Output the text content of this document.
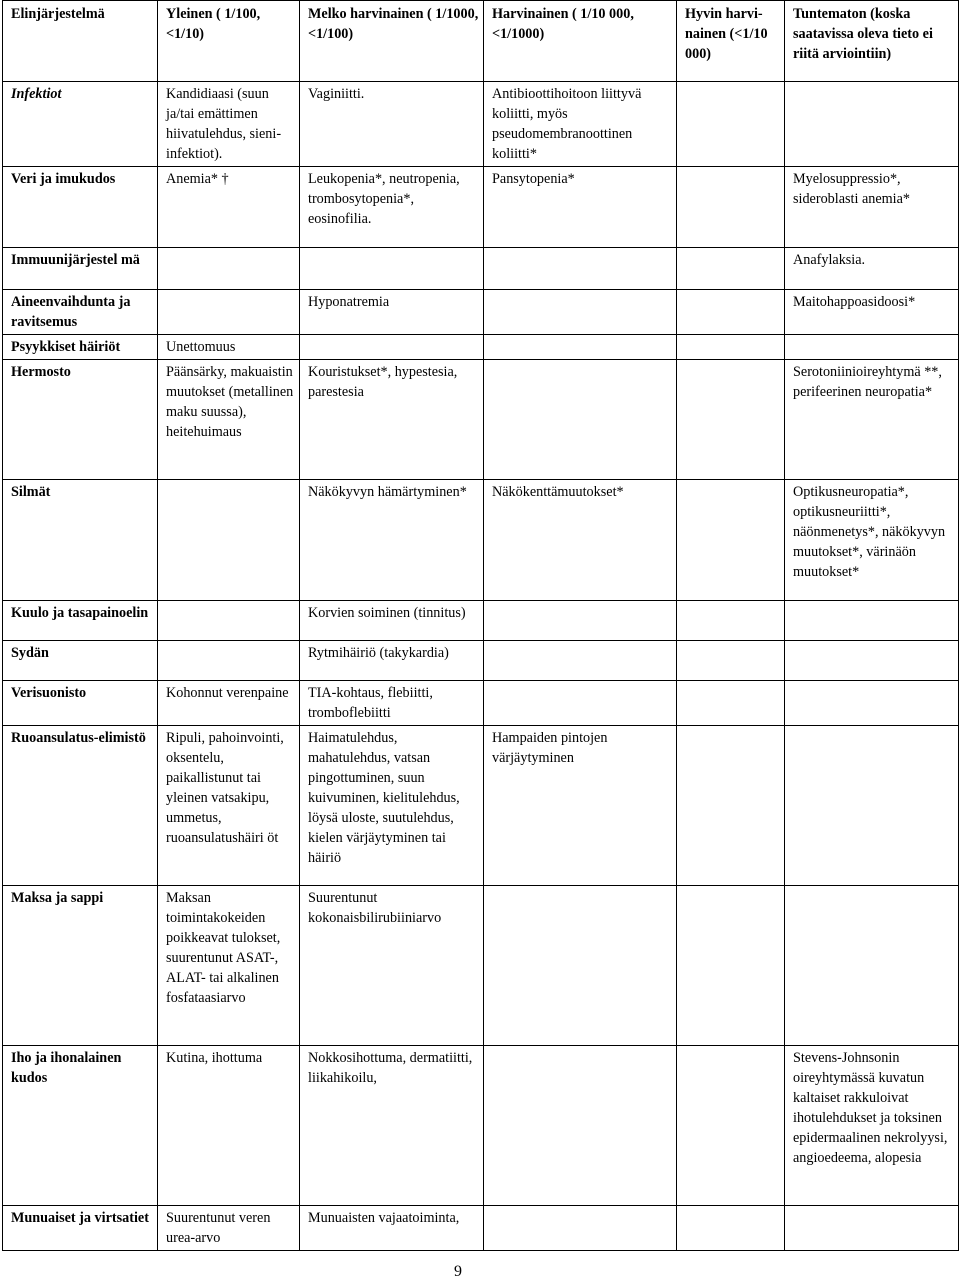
Elinjärjestelmä	Yleinen ( 1/100, <1/10)	Melko harvinainen ( 1/1000, <1/100)	Harvinainen ( 1/10 000, <1/1000)	Hyvin harvi-nainen (<1/10 000)	Tuntematon (koska saatavissa oleva tieto ei riitä arviointiin)
Infektiot	Kandidiaasi (suun ja/tai emättimen hiivatulehdus, sieni-infektiot).	Vaginiitti.	Antibioottihoitoon liittyvä koliitti, myös pseudomembranoottinen koliitti*		
Veri ja imukudos	Anemia* †	Leukopenia*, neutropenia, trombosytopenia*, eosinofilia.	Pansytopenia*		Myelosuppressio*, sideroblasti anemia*
Immuunijärjestel mä					Anafylaksia.
Aineenvaihdunta ja ravitsemus		Hyponatremia			Maitohappoasidoosi*
Psyykkiset häiriöt	Unettomuus				
Hermosto	Päänsärky, makuaistin muutokset (metallinen maku suussa), heitehuimaus	Kouristukset*, hypestesia, parestesia			Serotoniinioireyhtymä **, perifeerinen neuropatia*
Silmät		Näkökyvyn hämärtyminen*	Näkökenttämuutokset*		Optikusneuropatia*, optikusneuriitti*, näönmenetys*, näkökyvyn muutokset*, värinäön muutokset*
Kuulo ja tasapainoelin		Korvien soiminen (tinnitus)			
Sydän		Rytmihäiriö (takykardia)			
Verisuonisto	Kohonnut verenpaine	TIA-kohtaus, flebiitti, tromboflebiitti			
Ruoansulatus-elimistö	Ripuli, pahoinvointi, oksentelu, paikallistunut tai yleinen vatsakipu, ummetus, ruoansulatushäiri öt	Haimatulehdus, mahatulehdus, vatsan pingottuminen, suun kuivuminen, kielitulehdus, löysä uloste, suutulehdus, kielen värjäytyminen tai häiriö	Hampaiden pintojen värjäytyminen		
Maksa ja sappi	Maksan toimintakokeiden poikkeavat tulokset, suurentunut ASAT-, ALAT- tai alkalinen fosfataasiarvo	Suurentunut kokonaisbilirubiiniarvo			
Iho ja ihonalainen kudos	Kutina, ihottuma	Nokkosihottuma, dermatiitti, liikahikoilu,			Stevens-Johnsonin oireyhtymässä kuvatun kaltaiset rakkuloivat ihotulehdukset ja toksinen epidermaalinen nekrolyysi, angioedeema, alopesia
Munuaiset ja virtsatiet	Suurentunut veren urea-arvo	Munuaisten vajaatoiminta,			
9
